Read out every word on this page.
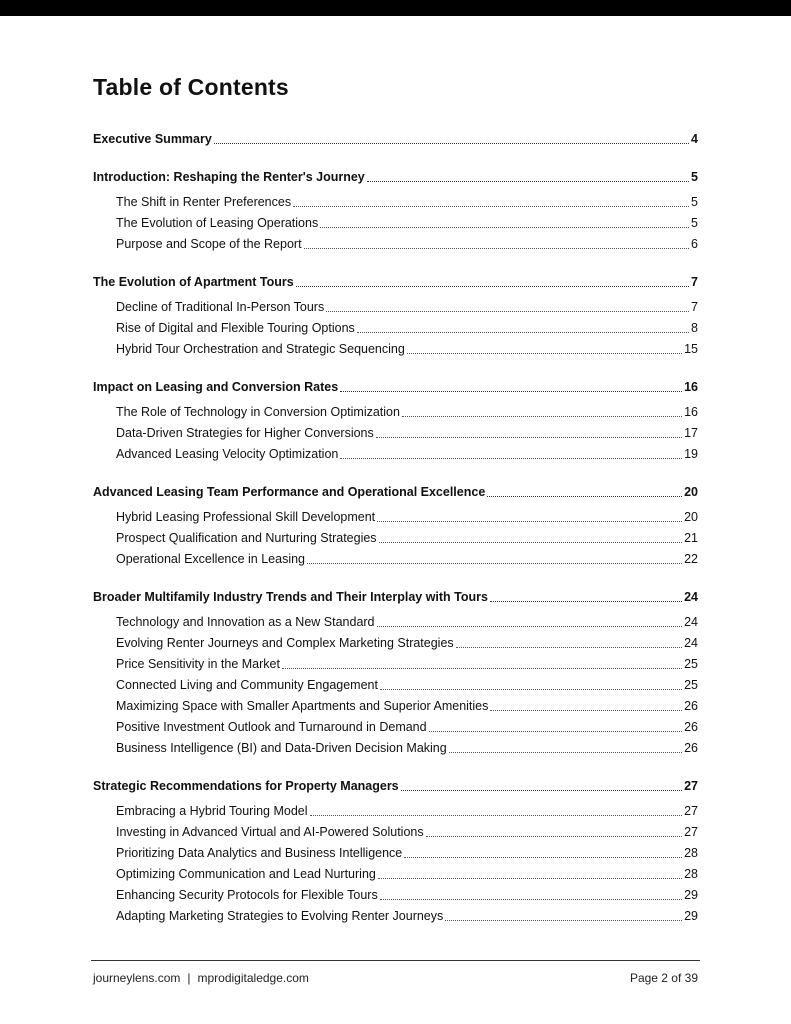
Table of Contents
Executive Summary	4
Introduction: Reshaping the Renter's Journey	5
The Shift in Renter Preferences	5
The Evolution of Leasing Operations	5
Purpose and Scope of the Report	6
The Evolution of Apartment Tours	7
Decline of Traditional In-Person Tours	7
Rise of Digital and Flexible Touring Options	8
Hybrid Tour Orchestration and Strategic Sequencing	15
Impact on Leasing and Conversion Rates	16
The Role of Technology in Conversion Optimization	16
Data-Driven Strategies for Higher Conversions	17
Advanced Leasing Velocity Optimization	19
Advanced Leasing Team Performance and Operational Excellence	20
Hybrid Leasing Professional Skill Development	20
Prospect Qualification and Nurturing Strategies	21
Operational Excellence in Leasing	22
Broader Multifamily Industry Trends and Their Interplay with Tours	24
Technology and Innovation as a New Standard	24
Evolving Renter Journeys and Complex Marketing Strategies	24
Price Sensitivity in the Market	25
Connected Living and Community Engagement	25
Maximizing Space with Smaller Apartments and Superior Amenities	26
Positive Investment Outlook and Turnaround in Demand	26
Business Intelligence (BI) and Data-Driven Decision Making	26
Strategic Recommendations for Property Managers	27
Embracing a Hybrid Touring Model	27
Investing in Advanced Virtual and AI-Powered Solutions	27
Prioritizing Data Analytics and Business Intelligence	28
Optimizing Communication and Lead Nurturing	28
Enhancing Security Protocols for Flexible Tours	29
Adapting Marketing Strategies to Evolving Renter Journeys	29
journeylens.com | mprodigitaledge.com	Page 2 of 39
